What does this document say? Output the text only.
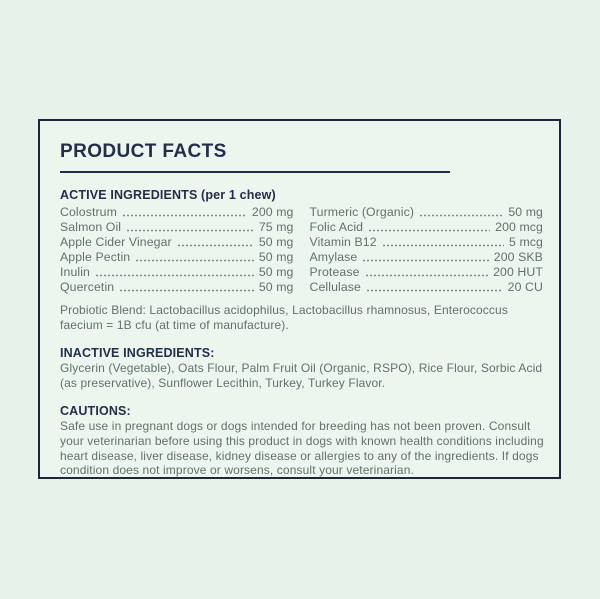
PRODUCT FACTS
ACTIVE INGREDIENTS (per 1 chew)
Colostrum	200 mg
Salmon Oil	75 mg
Apple Cider Vinegar	50 mg
Apple Pectin	50 mg
Inulin	50 mg
Quercetin	50 mg
Turmeric (Organic)	50 mg
Folic Acid	200 mcg
Vitamin B12	5 mcg
Amylase	200 SKB
Protease	200 HUT
Cellulase	20 CU

Probiotic Blend: Lactobacillus acidophilus, Lactobacillus rhamnosus, Enterococcus faecium = 1B cfu (at time of manufacture).

INACTIVE INGREDIENTS:

Glycerin (Vegetable), Oats Flour, Palm Fruit Oil (Organic, RSPO), Rice Flour, Sorbic Acid (as preservative), Sunflower Lecithin, Turkey, Turkey Flavor.

CAUTIONS:

Safe use in pregnant dogs or dogs intended for breeding has not been proven. Consult your veterinarian before using this product in dogs with known health conditions including heart disease, liver disease, kidney disease or allergies to any of the ingredients. If dogs condition does not improve or worsens, consult your veterinarian.
